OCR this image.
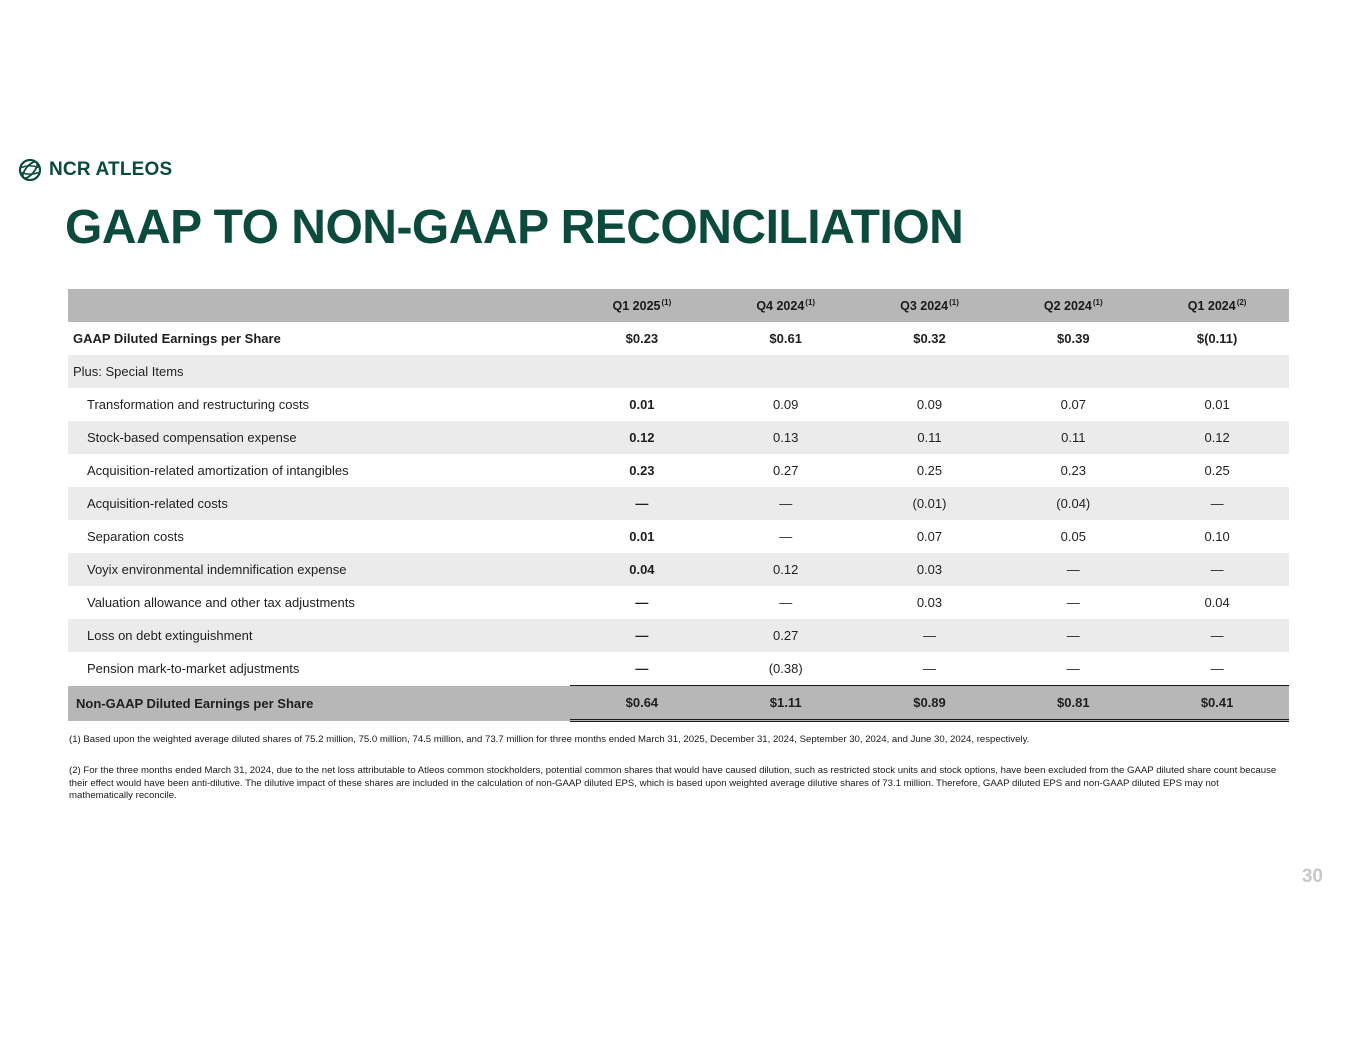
NCR ATLEOS
GAAP TO NON-GAAP RECONCILIATION
	Q1 2025$^{(1)}$	Q4 2024$^{(1)}$	Q3 2024$^{(1)}$	Q2 2024$^{(1)}$	Q1 2024$^{(2)}$
GAAP Diluted Earnings per Share	$0.23	$0.61	$0.32	$0.39	$(0.11)
Plus: Special Items					
Transformation and restructuring costs	0.01	0.09	0.09	0.07	0.01
Stock-based compensation expense	0.12	0.13	0.11	0.11	0.12
Acquisition-related amortization of intangibles	0.23	0.27	0.25	0.23	0.25
Acquisition-related costs	—	—	(0.01)	(0.04)	—
Separation costs	0.01	—	0.07	0.05	0.10
Voyix environmental indemnification expense	0.04	0.12	0.03	—	—
Valuation allowance and other tax adjustments	—	—	0.03	—	0.04
Loss on debt extinguishment	—	0.27	—	—	—
Pension mark-to-market adjustments	—	(0.38)	—	—	—
Non-GAAP Diluted Earnings per Share	$0.64	$1.11	$0.89	$0.81	$0.41

(1) Based upon the weighted average diluted shares of 75.2 million, 75.0 million, 74.5 million, and 73.7 million for three months ended March 31, 2025, December 31, 2024, September 30, 2024, and June 30, 2024, respectively.

(2) For the three months ended March 31, 2024, due to the net loss attributable to Atleos common stockholders, potential common shares that would have caused dilution, such as restricted stock units and stock options, have been excluded from the GAAP diluted share count because their effect would have been anti-dilutive. The dilutive impact of these shares are included in the calculation of non-GAAP diluted EPS, which is based upon weighted average dilutive shares of 73.1 million. Therefore, GAAP diluted EPS and non-GAAP diluted EPS may not mathematically reconcile.

30
